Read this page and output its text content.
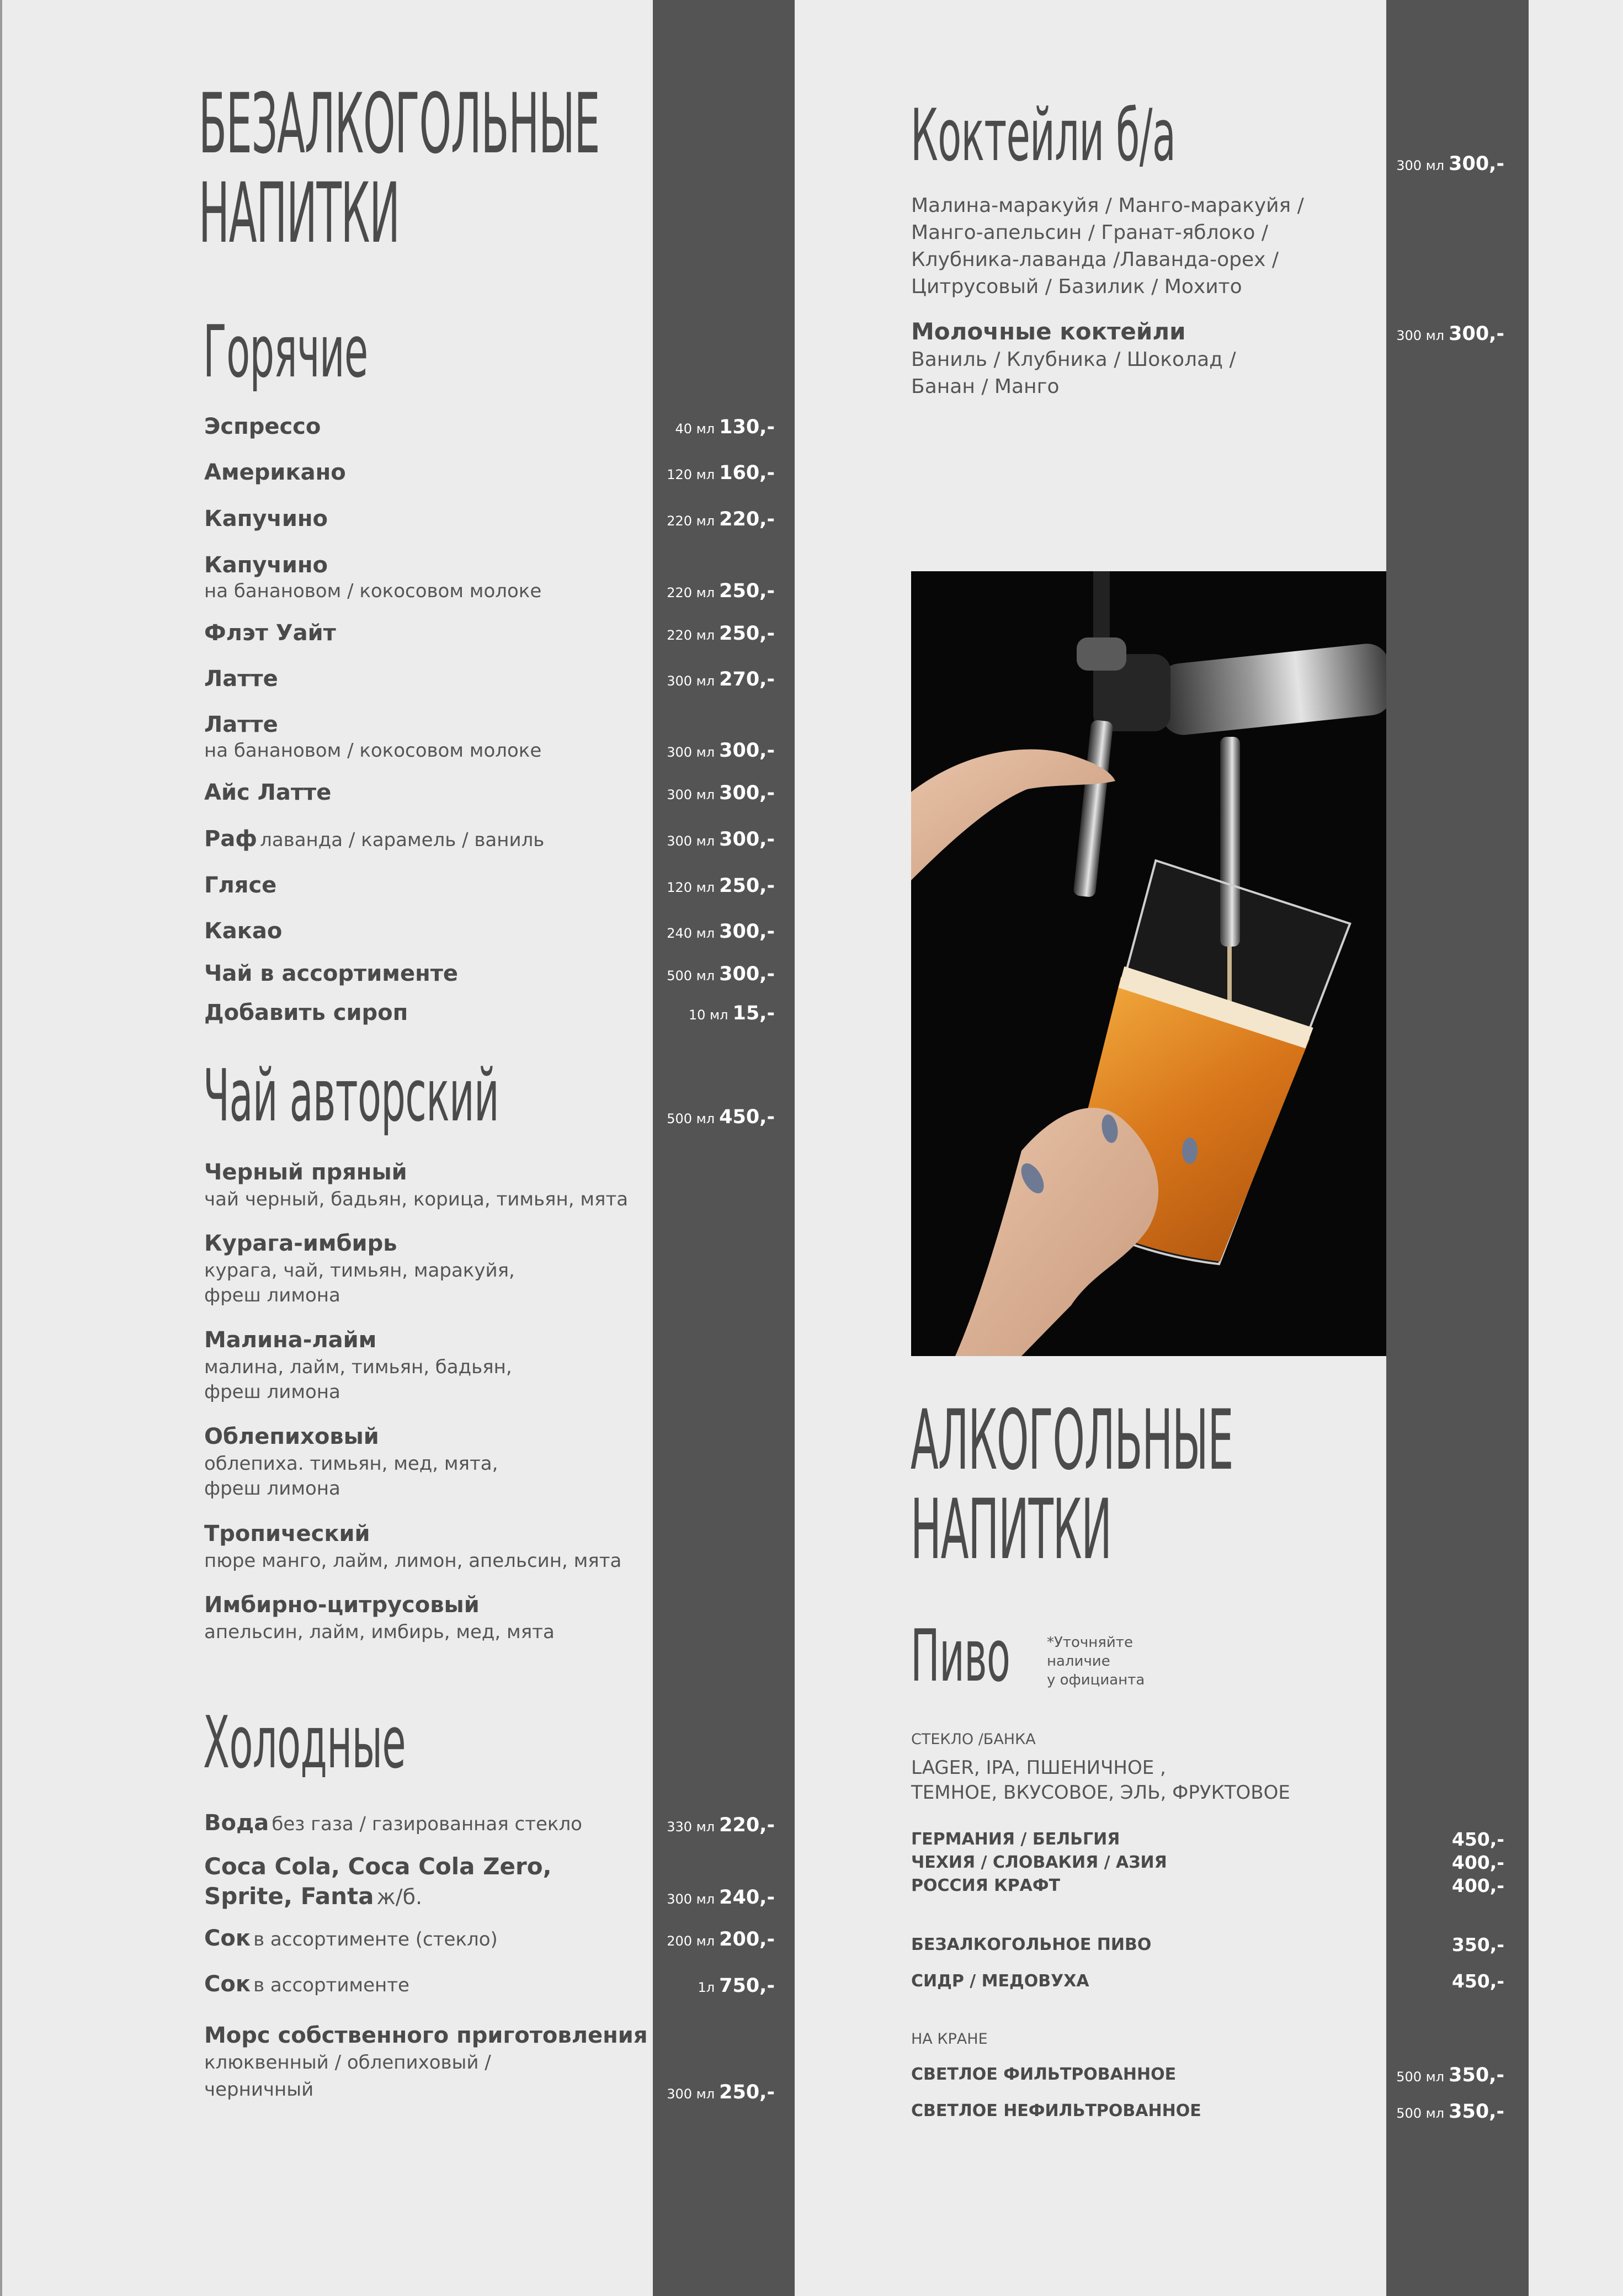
БЕЗАЛКОГОЛЬНЫЕ
НАПИТКИ
Горячие
Эспрессо	40 мл 130,-
Американо	120 мл 160,-
Капучино	220 мл 220,-
Капучино
на банановом / кокосовом молоке	220 мл 250,-
Флэт Уайт	220 мл 250,-
Латте	300 мл 270,-
Латте
на банановом / кокосовом молоке	300 мл 300,-
Айс Латте	300 мл 300,-
Раф лаванда / карамель / ваниль	300 мл 300,-
Глясе	120 мл 250,-
Какао	240 мл 300,-
Чай в ассортименте	500 мл 300,-
Добавить сироп	10 мл 15,-
Чай авторский	500 мл 450,-
Черный пряный
чай черный, бадьян, корица, тимьян, мята
Курага-имбирь
курага, чай, тимьян, маракуйя,
фреш лимона
Малина-лайм
малина, лайм, тимьян, бадьян,
фреш лимона
Облепиховый
облепиха. тимьян, мед, мята,
фреш лимона
Тропический
пюре манго, лайм, лимон, апельсин, мята
Имбирно-цитрусовый
апельсин, лайм, имбирь, мед, мята
Холодные
Вода без газа / газированная стекло	330 мл 220,-
Coca Cola, Coca Cola Zero,
Sprite, Fanta ж/б.	300 мл 240,-
Сок в ассортименте (стекло)	200 мл 200,-
Сок в ассортименте	1л 750,-
Морс собственного приготовления
клюквенный / облепиховый /
черничный	300 мл 250,-
Коктейли б/а	300 мл 300,-
Малина-маракуйя / Манго-маракуйя /
Манго-апельсин / Гранат-яблоко /
Клубника-лаванда /Лаванда-орех /
Цитрусовый / Базилик / Мохито
Молочные коктейли	300 мл 300,-
Ваниль / Клубника / Шоколад /
Банан / Манго
АЛКОГОЛЬНЫЕ
НАПИТКИ
Пиво	*Уточняйте
наличие
у официанта
СТЕКЛО /БАНКА
LAGER, IPA, ПШЕНИЧНОЕ ,
ТЕМНОЕ, ВКУСОВОЕ, ЭЛЬ, ФРУКТОВОЕ
ГЕРМАНИЯ / БЕЛЬГИЯ	450,-
ЧЕХИЯ / СЛОВАКИЯ / АЗИЯ	400,-
РОССИЯ КРАФТ	400,-
БЕЗАЛКОГОЛЬНОЕ ПИВО	350,-
СИДР / МЕДОВУХА	450,-
НА КРАНЕ
СВЕТЛОЕ ФИЛЬТРОВАННОЕ	500 мл 350,-
СВЕТЛОЕ НЕФИЛЬТРОВАННОЕ	500 мл 350,-
